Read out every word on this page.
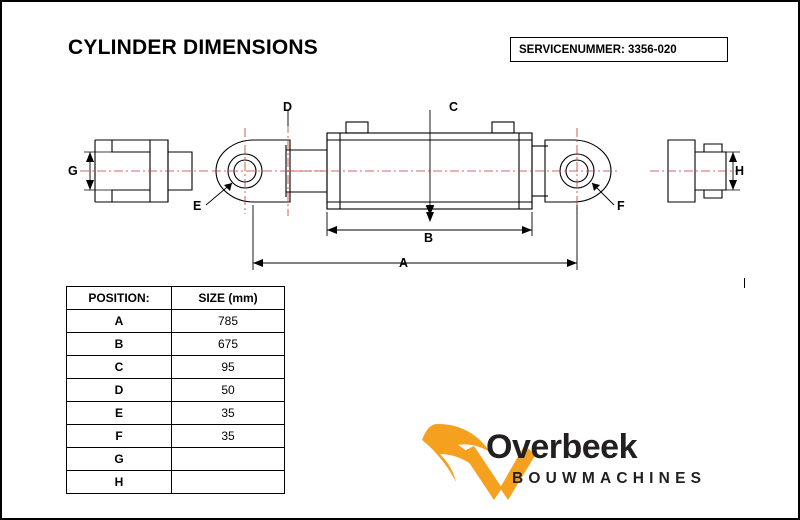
CYLINDER DIMENSIONS	SERVICENUMMER: 3356-020
C
D
E	F
G	H
A
B
POSITION:	SIZE (mm)
A	785
B	675
C	95
D	50
E	35
F	35
G	
H	
Overbeek
BOUWMACHINES
